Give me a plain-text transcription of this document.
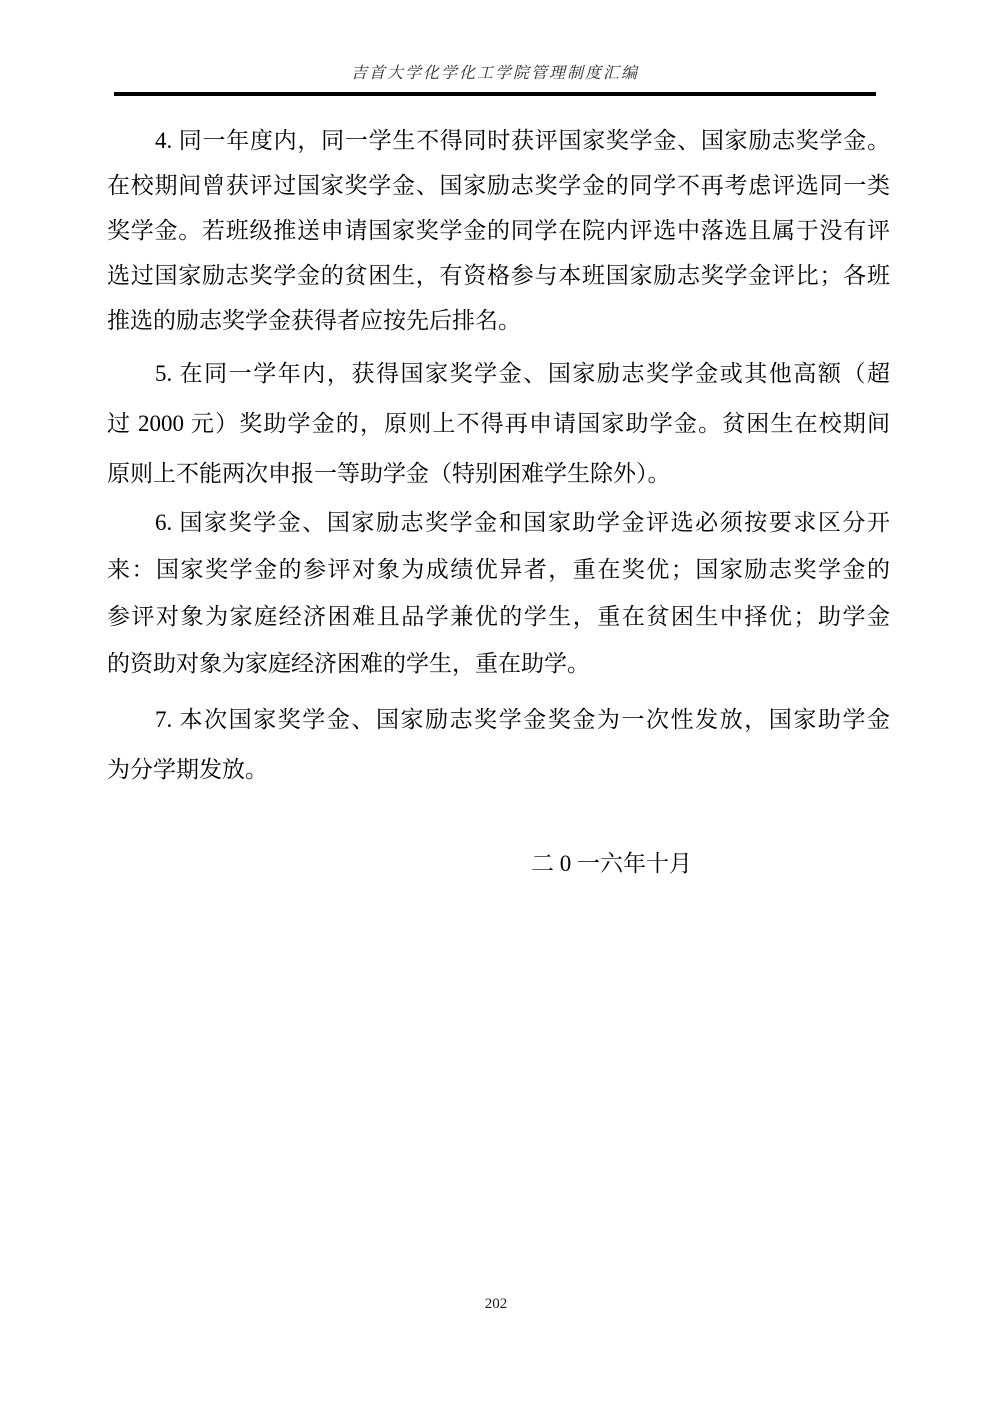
吉首大学化学化工学院管理制度汇编
4. 同一年度内，同一学生不得同时获评国家奖学金、国家励志奖学金。
在校期间曾获评过国家奖学金、国家励志奖学金的同学不再考虑评选同一类
奖学金。若班级推送申请国家奖学金的同学在院内评选中落选且属于没有评
选过国家励志奖学金的贫困生，有资格参与本班国家励志奖学金评比；各班
推选的励志奖学金获得者应按先后排名。
5. 在同一学年内，获得国家奖学金、国家励志奖学金或其他高额（超
过 2000 元）奖助学金的，原则上不得再申请国家助学金。贫困生在校期间
原则上不能两次申报一等助学金（特别困难学生除外）。
6. 国家奖学金、国家励志奖学金和国家助学金评选必须按要求区分开
来：国家奖学金的参评对象为成绩优异者，重在奖优；国家励志奖学金的
参评对象为家庭经济困难且品学兼优的学生，重在贫困生中择优；助学金
的资助对象为家庭经济困难的学生，重在助学。
7. 本次国家奖学金、国家励志奖学金奖金为一次性发放，国家助学金
为分学期发放。
二 0 一六年十月
202
